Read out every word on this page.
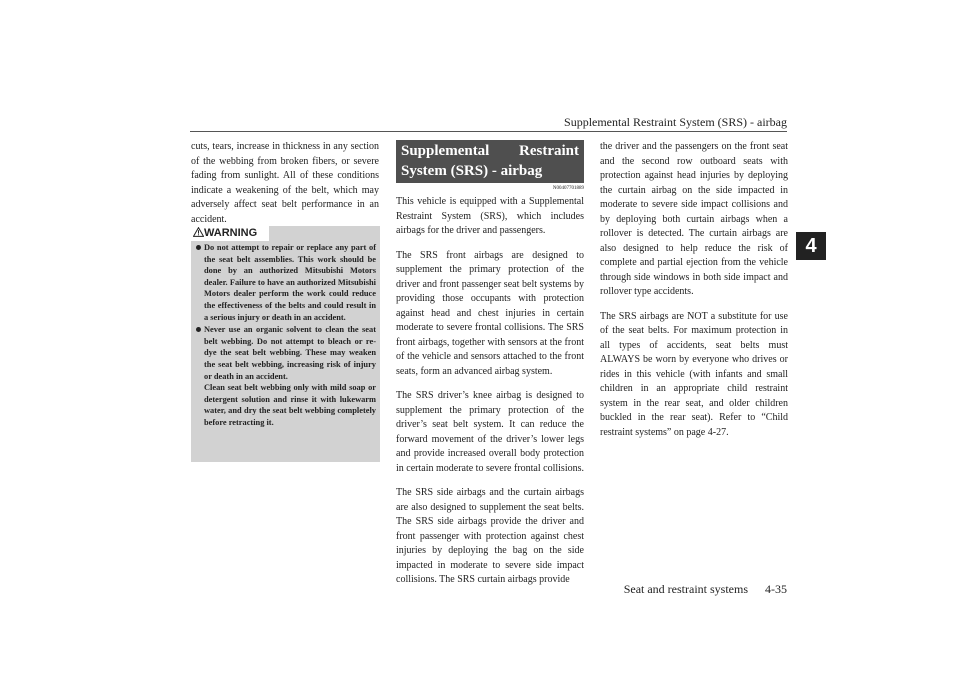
Supplemental Restraint System (SRS) - airbag
4

cuts, tears, increase in thickness in any section of the webbing from broken fibers, or severe fading from sunlight. All of these conditions indicate a weakening of the belt, which may adversely affect seat belt performance in an accident.

WARNING
Do not attempt to repair or replace any part of the seat belt assemblies. This work should be done by an authorized Mitsubishi Motors dealer. Failure to have an authorized Mitsubishi Motors dealer perform the work could reduce the effectiveness of the belts and could result in a serious injury or death in an accident.
Never use an organic solvent to clean the seat belt webbing. Do not attempt to bleach or re-dye the seat belt webbing. These may weaken the seat belt webbing, increasing risk of injury or death in an accident.
Clean seat belt webbing only with mild soap or detergent solution and rinse it with lukewarm water, and dry the seat belt webbing completely before retracting it.
Supplemental Restraint System (SRS) - airbag
N00407701889

This vehicle is equipped with a Supplemental Restraint System (SRS), which includes airbags for the driver and passengers.

The SRS front airbags are designed to supplement the primary protection of the driver and front passenger seat belt systems by providing those occupants with protection against head and chest injuries in certain moderate to severe frontal collisions. The SRS front airbags, together with sensors at the front of the vehicle and sensors attached to the front seats, form an advanced airbag system.

The SRS driver’s knee airbag is designed to supplement the primary protection of the driver’s seat belt system. It can reduce the forward movement of the driver’s lower legs and provide increased overall body protection in certain moderate to severe frontal collisions.

The SRS side airbags and the curtain airbags are also designed to supplement the seat belts. The SRS side airbags provide the driver and front passenger with protection against chest injuries by deploying the bag on the side impacted in moderate to severe side impact collisions. The SRS curtain airbags provide

the driver and the passengers on the front seat and the second row outboard seats with protection against head injuries by deploying the curtain airbag on the side impacted in moderate to severe side impact collisions and by deploying both curtain airbags when a rollover is detected. The curtain airbags are also designed to help reduce the risk of complete and partial ejection from the vehicle through side windows in both side impact and rollover type accidents.

The SRS airbags are NOT a substitute for use of the seat belts. For maximum protection in all types of accidents, seat belts must ALWAYS be worn by everyone who drives or rides in this vehicle (with infants and small children in an appropriate child restraint system in the rear seat, and older children buckled in the rear seat). Refer to “Child restraint systems” on page 4-27.

Seat and restraint systems 4-35
